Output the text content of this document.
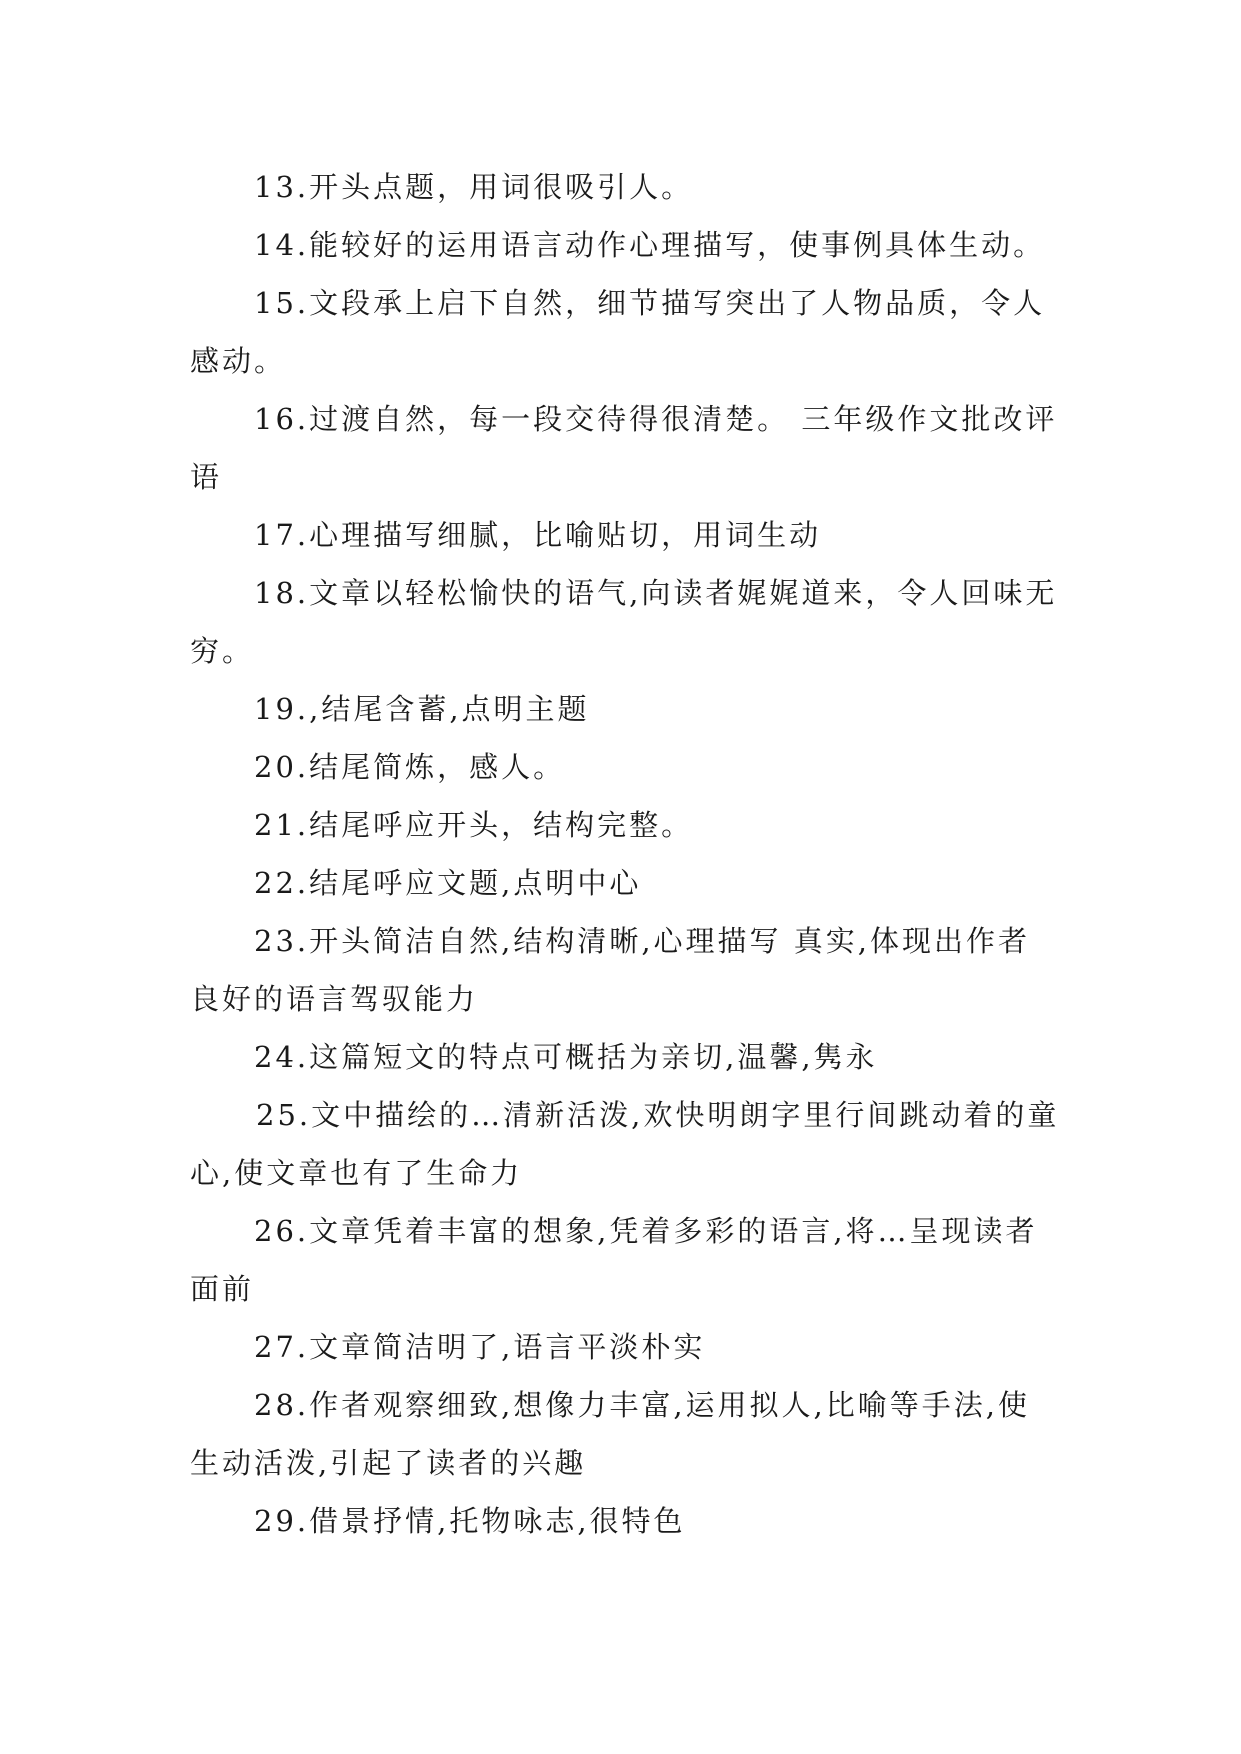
13.开头点题，用词很吸引人。

14.能较好的运用语言动作心理描写，使事例具体生动。

15.文段承上启下自然，细节描写突出了人物品质，令人感动。

16.过渡自然，每一段交待得很清楚。 三年级作文批改评语

17.心理描写细腻，比喻贴切，用词生动

18.文章以轻松愉快的语气,向读者娓娓道来，令人回味无穷。

19.,结尾含蓄,点明主题

20.结尾简炼，感人。

21.结尾呼应开头，结构完整。

22.结尾呼应文题,点明中心

23.开头简洁自然,结构清晰,心理描写 真实,体现出作者良好的语言驾驭能力

24.这篇短文的特点可概括为亲切,温馨,隽永

25.文中描绘的…清新活泼,欢快明朗字里行间跳动着的童心,使文章也有了生命力

26.文章凭着丰富的想象,凭着多彩的语言,将…呈现读者面前

27.文章简洁明了,语言平淡朴实

28.作者观察细致,想像力丰富,运用拟人,比喻等手法,使生动活泼,引起了读者的兴趣

29.借景抒情,托物咏志,很特色
